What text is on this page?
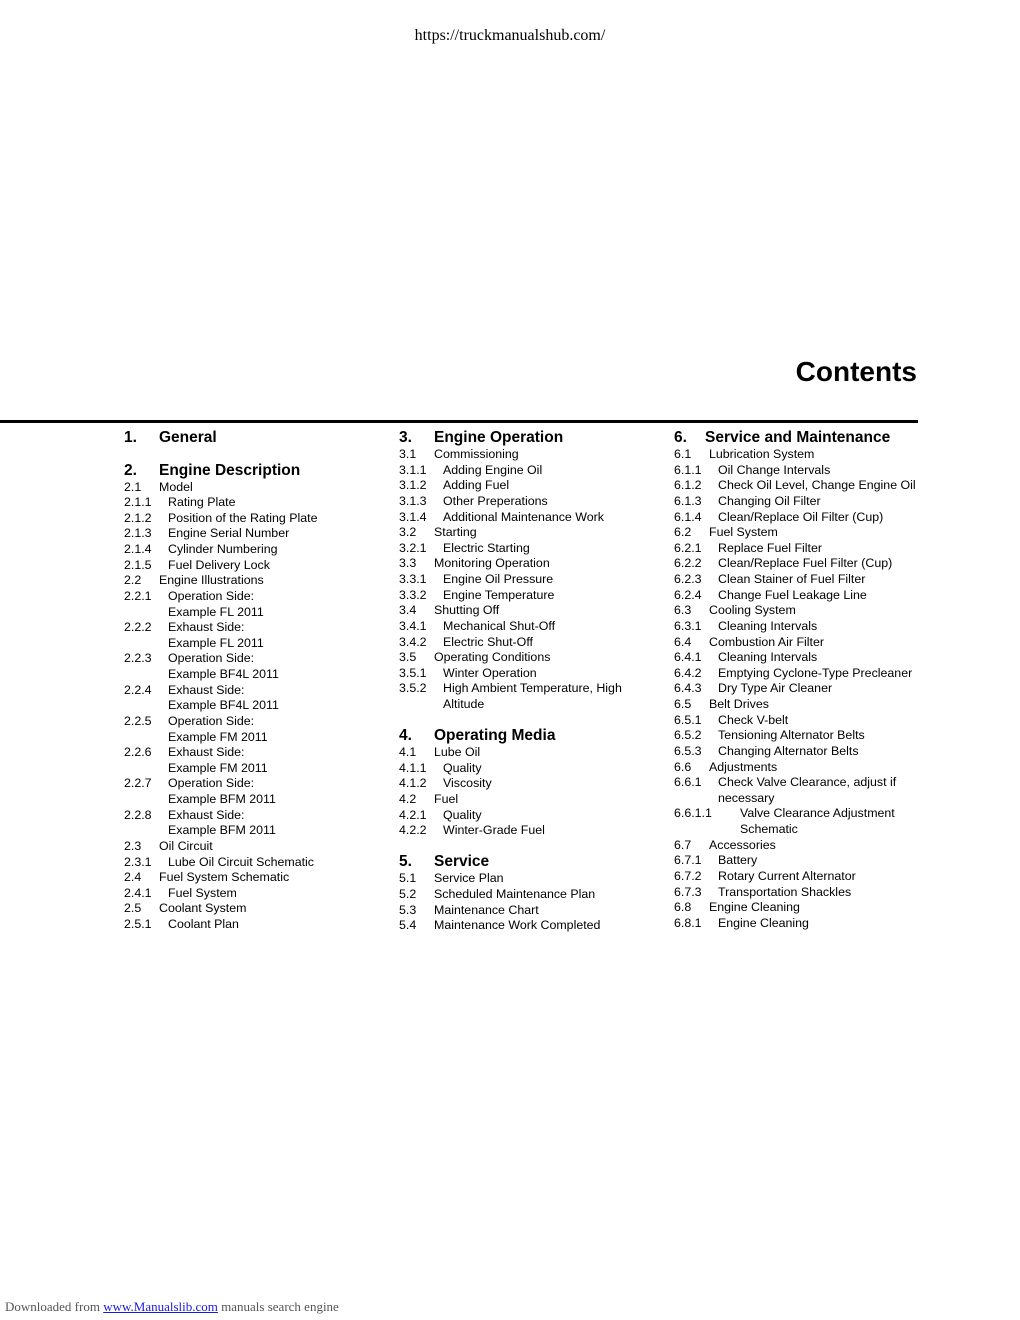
https://truckmanualshub.com/
Contents
1. General
2. Engine Description
2.1 Model
2.1.1 Rating Plate
2.1.2 Position of the Rating Plate
2.1.3 Engine Serial Number
2.1.4 Cylinder Numbering
2.1.5 Fuel Delivery Lock
2.2 Engine Illustrations
2.2.1 Operation Side:
Example FL 2011
2.2.2 Exhaust Side:
Example FL 2011
2.2.3 Operation Side:
Example BF4L 2011
2.2.4 Exhaust Side:
Example BF4L 2011
2.2.5 Operation Side:
Example FM 2011
2.2.6 Exhaust Side:
Example FM 2011
2.2.7 Operation Side:
Example BFM 2011
2.2.8 Exhaust Side:
Example BFM 2011
2.3 Oil Circuit
2.3.1 Lube Oil Circuit Schematic
2.4 Fuel System Schematic
2.4.1 Fuel System
2.5 Coolant System
2.5.1 Coolant Plan
3. Engine Operation
3.1 Commissioning
3.1.1 Adding Engine Oil
3.1.2 Adding Fuel
3.1.3 Other Preperations
3.1.4 Additional Maintenance Work
3.2 Starting
3.2.1 Electric Starting
3.3 Monitoring Operation
3.3.1 Engine Oil Pressure
3.3.2 Engine Temperature
3.4 Shutting Off
3.4.1 Mechanical Shut-Off
3.4.2 Electric Shut-Off
3.5 Operating Conditions
3.5.1 Winter Operation
3.5.2 High Ambient Temperature, High
Altitude
4. Operating Media
4.1 Lube Oil
4.1.1 Quality
4.1.2 Viscosity
4.2 Fuel
4.2.1 Quality
4.2.2 Winter-Grade Fuel
5. Service
5.1 Service Plan
5.2 Scheduled Maintenance Plan
5.3 Maintenance Chart
5.4 Maintenance Work Completed
6. Service and Maintenance
6.1 Lubrication System
6.1.1 Oil Change Intervals
6.1.2 Check Oil Level, Change Engine Oil
6.1.3 Changing Oil Filter
6.1.4 Clean/Replace Oil Filter (Cup)
6.2 Fuel System
6.2.1 Replace Fuel Filter
6.2.2 Clean/Replace Fuel Filter (Cup)
6.2.3 Clean Stainer of Fuel Filter
6.2.4 Change Fuel Leakage Line
6.3 Cooling System
6.3.1 Cleaning Intervals
6.4 Combustion Air Filter
6.4.1 Cleaning Intervals
6.4.2 Emptying Cyclone-Type Precleaner
6.4.3 Dry Type Air Cleaner
6.5 Belt Drives
6.5.1 Check V-belt
6.5.2 Tensioning Alternator Belts
6.5.3 Changing Alternator Belts
6.6 Adjustments
6.6.1 Check Valve Clearance, adjust if
necessary
6.6.1.1 Valve Clearance Adjustment
Schematic
6.7 Accessories
6.7.1 Battery
6.7.2 Rotary Current Alternator
6.7.3 Transportation Shackles
6.8 Engine Cleaning
6.8.1 Engine Cleaning
Downloaded from www.Manualslib.com manuals search engine
